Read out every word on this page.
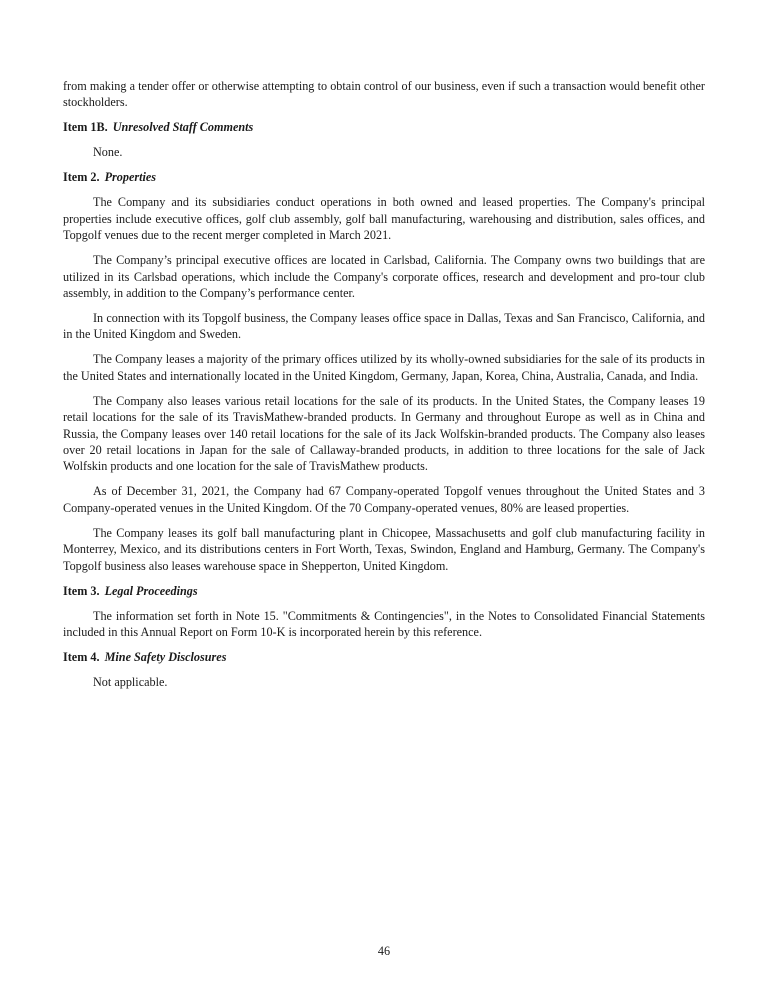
from making a tender offer or otherwise attempting to obtain control of our business, even if such a transaction would benefit other stockholders.

Item 1B. Unresolved Staff Comments
None.
Item 2. Properties

The Company and its subsidiaries conduct operations in both owned and leased properties. The Company's principal properties include executive offices, golf club assembly, golf ball manufacturing, warehousing and distribution, sales offices, and Topgolf venues due to the recent merger completed in March 2021.

The Company’s principal executive offices are located in Carlsbad, California. The Company owns two buildings that are utilized in its Carlsbad operations, which include the Company's corporate offices, research and development and pro-tour club assembly, in addition to the Company’s performance center.

In connection with its Topgolf business, the Company leases office space in Dallas, Texas and San Francisco, California, and in the United Kingdom and Sweden.

The Company leases a majority of the primary offices utilized by its wholly-owned subsidiaries for the sale of its products in the United States and internationally located in the United Kingdom, Germany, Japan, Korea, China, Australia, Canada, and India.

The Company also leases various retail locations for the sale of its products. In the United States, the Company leases 19 retail locations for the sale of its TravisMathew-branded products. In Germany and throughout Europe as well as in China and Russia, the Company leases over 140 retail locations for the sale of its Jack Wolfskin-branded products. The Company also leases over 20 retail locations in Japan for the sale of Callaway-branded products, in addition to three locations for the sale of Jack Wolfskin products and one location for the sale of TravisMathew products.

As of December 31, 2021, the Company had 67 Company-operated Topgolf venues throughout the United States and 3 Company-operated venues in the United Kingdom. Of the 70 Company-operated venues, 80% are leased properties.

The Company leases its golf ball manufacturing plant in Chicopee, Massachusetts and golf club manufacturing facility in Monterrey, Mexico, and its distributions centers in Fort Worth, Texas, Swindon, England and Hamburg, Germany. The Company's Topgolf business also leases warehouse space in Shepperton, United Kingdom.

Item 3. Legal Proceedings

The information set forth in Note 15. "Commitments & Contingencies", in the Notes to Consolidated Financial Statements included in this Annual Report on Form 10-K is incorporated herein by this reference.

Item 4. Mine Safety Disclosures
Not applicable.
46
